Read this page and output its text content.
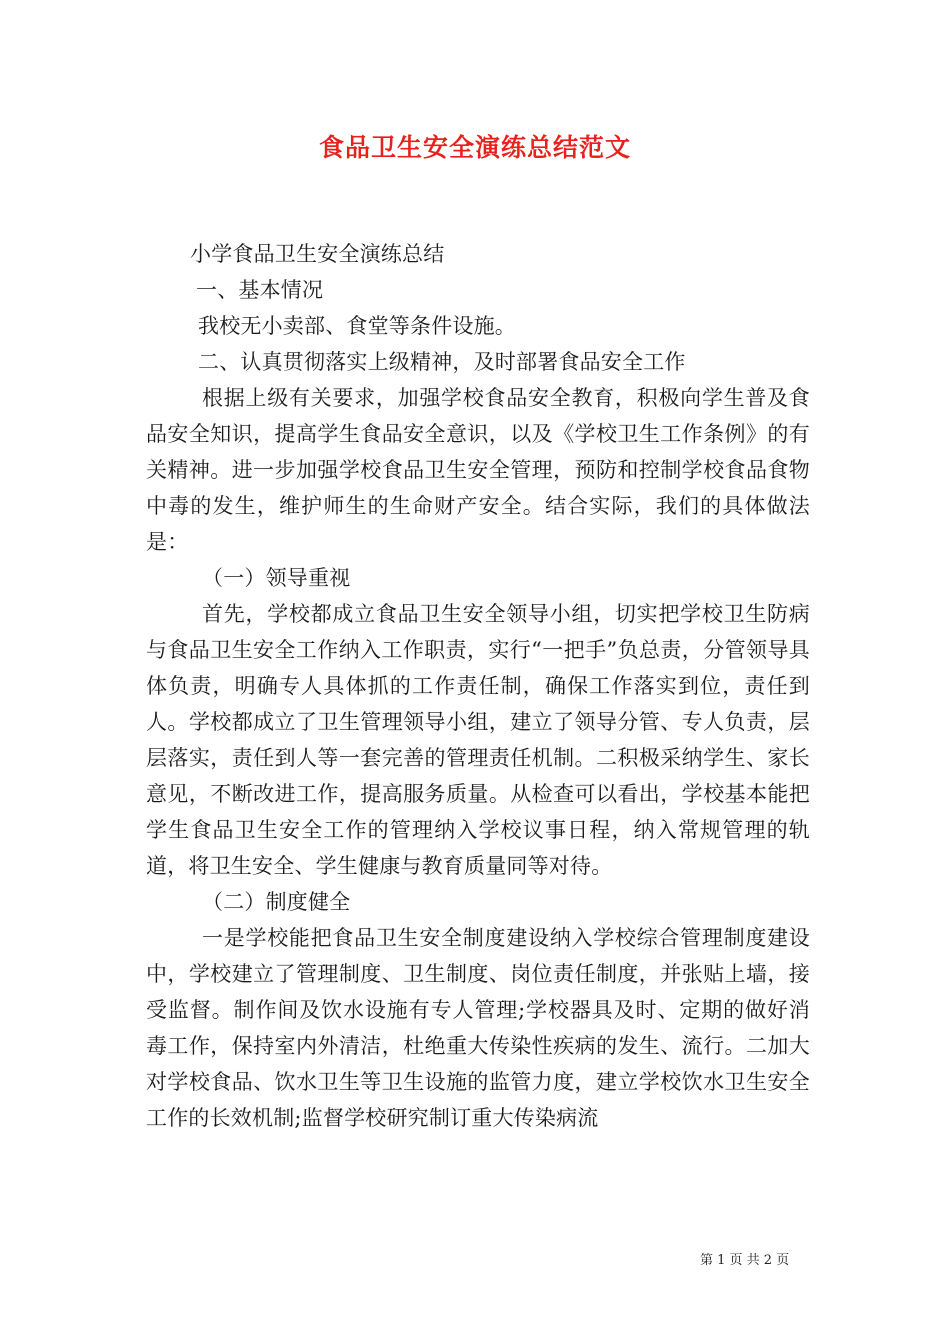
食品卫生安全演练总结范文

小学食品卫生安全演练总结

一、基本情况

我校无小卖部、食堂等条件设施。

二、认真贯彻落实上级精神，及时部署食品安全工作

根据上级有关要求，加强学校食品安全教育，积极向学生普及食品安全知识，提高学生食品安全意识，以及《学校卫生工作条例》的有关精神。进一步加强学校食品卫生安全管理，预防和控制学校食品食物中毒的发生，维护师生的生命财产安全。结合实际，我们的具体做法是：

（一）领导重视

首先，学校都成立食品卫生安全领导小组，切实把学校卫生防病与食品卫生安全工作纳入工作职责，实行“一把手”负总责，分管领导具体负责，明确专人具体抓的工作责任制，确保工作落实到位，责任到人。学校都成立了卫生管理领导小组，建立了领导分管、专人负责，层层落实，责任到人等一套完善的管理责任机制。二积极采纳学生、家长意见，不断改进工作，提高服务质量。从检查可以看出，学校基本能把学生食品卫生安全工作的管理纳入学校议事日程，纳入常规管理的轨道，将卫生安全、学生健康与教育质量同等对待。

（二）制度健全

一是学校能把食品卫生安全制度建设纳入学校综合管理制度建设中，学校建立了管理制度、卫生制度、岗位责任制度，并张贴上墙，接受监督。制作间及饮水设施有专人管理;学校器具及时、定期的做好消毒工作，保持室内外清洁，杜绝重大传染性疾病的发生、流行。二加大对学校食品、饮水卫生等卫生设施的监管力度，建立学校饮水卫生安全工作的长效机制;监督学校研究制订重大传染病流

第 1 页 共 2 页
